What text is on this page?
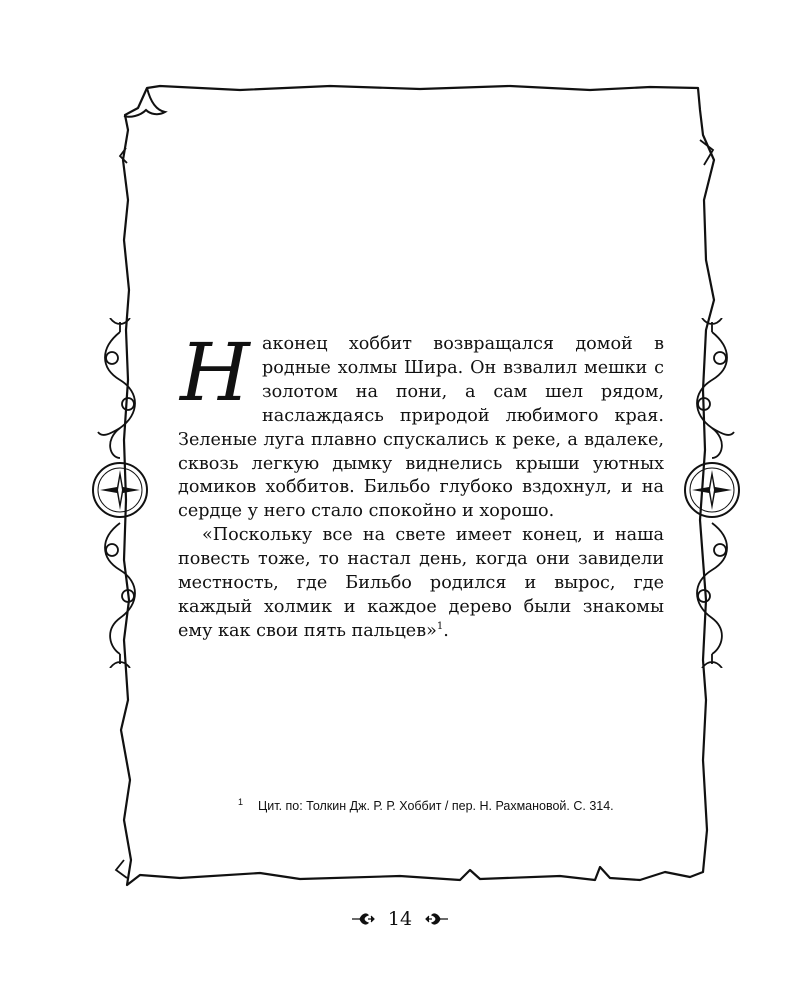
Наконец хоббит возвращался домой в родные холмы Шира. Он взвалил мешки с золотом на пони, а сам шел рядом, наслаждаясь природой любимого края. Зеленые луга плавно спускались к реке, а вдалеке, сквозь легкую дымку виднелись крыши уютных домиков хоббитов. Бильбо глубоко вздохнул, и на сердце у него стало спокойно и хорошо.

«Поскольку все на свете имеет конец, и наша повесть тоже, то настал день, когда они завидели местность, где Бильбо родился и вырос, где каждый холмик и каждое дерево были знакомы ему как свои пять пальцев»$^1$.

1 Цит. по: Толкин Дж. Р. Р. Хоббит / пер. Н. Рахмановой. С. 314.
14
